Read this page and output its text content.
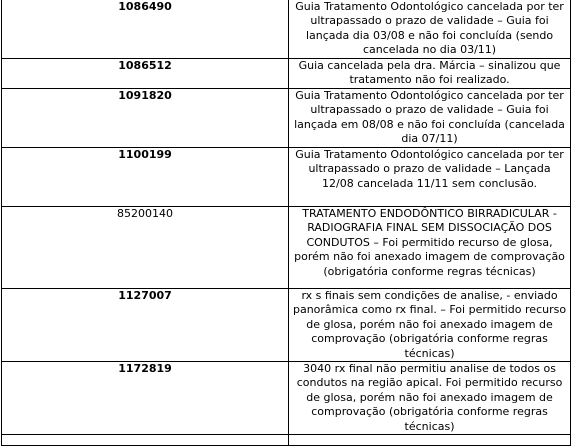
1086490	Guia Tratamento Odontológico cancelada por ter ultrapassado o prazo de validade – Guia foi lançada dia 03/08 e não foi concluída (sendo cancelada no dia 03/11)

1086512	Guia cancelada pela dra. Márcia – sinalizou que tratamento não foi realizado.

1091820	Guia Tratamento Odontológico cancelada por ter ultrapassado o prazo de validade – Guia foi lançada em 08/08 e não foi concluída (cancelada dia 07/11)

1100199	Guia Tratamento Odontológico cancelada por ter ultrapassado o prazo de validade – Lançada 12/08 cancelada 11/11 sem conclusão.

85200140	TRATAMENTO ENDODÔNTICO BIRRADICULAR - RADIOGRAFIA FINAL SEM DISSOCIAÇÃO DOS CONDUTOS – Foi permitido recurso de glosa, porém não foi anexado imagem de comprovação (obrigatória conforme regras técnicas)

1127007	rx s finais sem condições de analise, - enviado panorâmica como rx final. – Foi permitido recurso de glosa, porém não foi anexado imagem de comprovação (obrigatória conforme regras técnicas)

1172819	3040 rx final não permitiu analise de todos os condutos na região apical. Foi permitido recurso de glosa, porém não foi anexado imagem de comprovação (obrigatória conforme regras técnicas)
